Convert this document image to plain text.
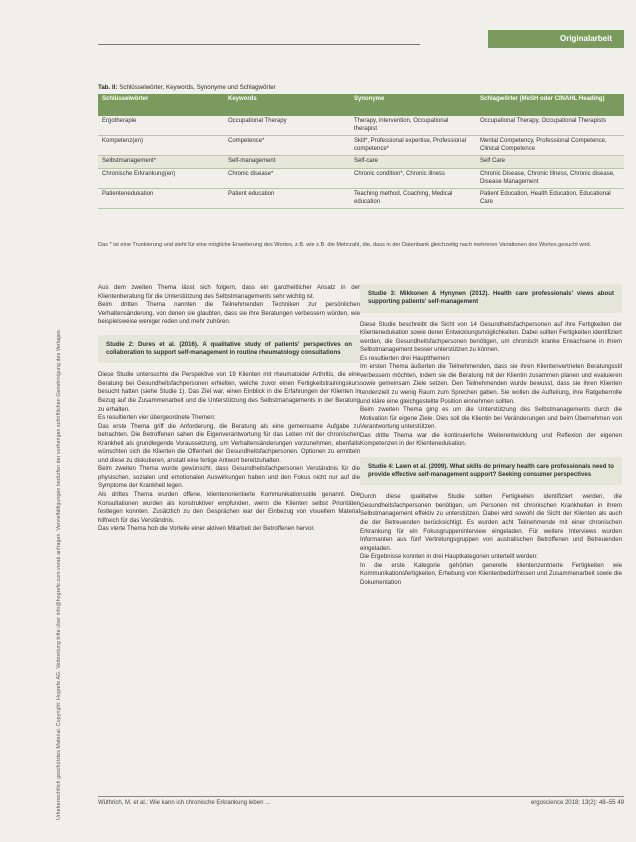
Urheberrechtlich geschütztes Material. Copyright: Hogrefe AG. Verbreitung bitte über info@hogrefe.com vorab anfragen. Vervielfältigungen bedürfen der vorherigen schriftlichen Genehmigung des Verlages.
Originalarbeit
Tab. II: Schlüsselwörter, Keywords, Synonyme und Schlagwörter
Schlüsselwörter	Keywords	Synonyme	Schlagwörter (MeSH oder CINAHL Heading)
Ergotherapie	Occupational Therapy	Therapy, intervention, Occupational therapist	Occupational Therapy, Occupational Therapists
Kompetenz(en)	Competence*	Skill*, Professional expertise, Professional competence*	Mental Competency, Professional Competence, Clinical Competence
Selbstmanagement*	Self-management	Self-care	Self Care
Chronische Erkrankung(en)	Chronic disease*	Chronic condition*, Chronic illness	Chronic Disease, Chronic Illness, Chronic disease, Disease Management
Patientenedukation	Patient education	Teaching method, Coaching, Medical education	Patient Education, Health Education, Educational Care
Das * ist eine Trunkierung und steht für eine mögliche Erweiterung des Wortes, z.B. wie z.B. die Mehrzahl, die, dass in der Datenbank gleichzeitig nach mehreren Variationen des Wortes gesucht wird.

Aus dem zweiten Thema lässt sich folgern, dass ein ganzheitlicher Ansatz in der Klientenberatung für die Unterstützung des Selbstmanagements sehr wichtig ist.

Beim dritten Thema nannten die Teilnehmenden Techniken zur persönlichen Verhaltensänderung, von denen sie glaubten, dass sie ihre Beratungen verbessern würden, wie beispielsweise weniger reden und mehr zuhören.

Studie 2: Dures et al. (2016). A qualitative study of patients' perspectives on collaboration to support self-management in routine rheumatology consultations

Diese Studie untersuchte die Perspektive von 19 Klienten mit rheumatoider Arthritis, die eine Beratung bei Gesundheitsfachpersonen erhielten, welche zuvor einen Fertigkeitstrainingskurs besucht hatten (siehe Studie 1). Das Ziel war, einen Einblick in die Erfahrungen der Klienten in Bezug auf die Zusammenarbeit und die Unterstützung des Selbstmanagements in der Beratung zu erhalten.

Es resultierten vier übergeordnete Themen:

Das erste Thema griff die Anforderung, die Beratung als eine gemeinsame Aufgabe zu betrachten. Die Betroffenen sahen die Eigenverantwortung für das Leben mit der chronischen Krankheit als grundlegende Voraussetzung, um Verhaltensänderungen vorzunehmen, ebenfalls wünschten sich die Klienten die Offenheit der Gesundheitsfachpersonen. Optionen zu ermitteln und diese zu diskutieren, anstatt eine fertige Antwort bereitzuhalten.

Beim zweiten Thema wurde gewünscht, dass Gesundheitsfachpersonen Verständnis für die physischen, sozialen und emotionalen Auswirkungen haben und den Fokus nicht nur auf die Symptome der Krankheit legen.

Als drittes Thema wurden offene, klientenorientierte Kommunikationsstile genannt. Die Konsultationen wurden als konstruktiver empfunden, wenn die Klienten selbst Prioritäten festlegen konnten. Zusätzlich zu den Gesprächen war der Einbezug von visuellem Material hilfreich für das Verständnis.

Das vierte Thema hob die Vorteile einer aktiven Mitarbeit der Betroffenen hervor.

Studie 3: Mikkonen & Hynynen (2012). Health care professionals' views about supporting patients' self-management

Diese Studie beschreibt die Sicht von 14 Gesundheitsfachpersonen auf ihre Fertigkeiten der Klientenedukation sowie deren Entwicklungsmöglichkeiten. Dabei sollten Fertigkeiten identifiziert werden, die Gesundheitsfachpersonen benötigen, um chronisch kranke Erwachsene in ihrem Selbstmanagement besser unterstützen zu können.

Es resultierten drei Hauptthemen:

Im ersten Thema äußerten die Teilnehmenden, dass sie ihren Klientenvertrieten Beratungsstil verbessern möchten, indem sie die Beratung mit der Klientin zusammen planen und evaluieren sowie gemeinsam Ziele setzen. Den Teilnehmenden wurde bewusst, dass sie ihren Klienten tendenziell zu wenig Raum zum Sprechen gaben. Sie wollen die Aufteilung, ihre Ratgeberrolle und kläre eine gleichgestellte Position einnehmen sollten.

Beim zweiten Thema ging es um die Unterstützung des Selbstmanagements durch die Motivation für eigene Ziele. Dies soll die Klientin bei Veränderungen und beim Übernehmen von Verantwortung unterstützen.

Das dritte Thema war die kontinuierliche Weiterentwicklung und Reflexion der eigenen Kompetenzen in der Klientenedukation.

Studie 4: Lawn et al. (2009). What skills do primary health care professionals need to provide effective self-management support? Seeking consumer perspectives

Durch diese qualitative Studie sollten Fertigkeiten identifiziert werden, die Gesundheitsfachpersonen benötigen, um Personen mit chronischen Krankheiten in ihrem Selbstmanagement effektiv zu unterstützen. Dabei wird sowohl die Sicht der Klienten als auch die der Betreuenden berücksichtigt. Es wurden acht Teilnehmende mit einer chronischen Erkrankung für ein Fokusgruppeninterview eingeladen. Für weitere Interviews wurden Informanten aus fünf Vertretungsgruppen von australischen Betroffenen und Betreuenden eingeladen.

Die Ergebnisse konnten in drei Hauptkategorien unterteilt werden:

In die erste Kategorie gehörten generelle klientenzentrierte Fertigkeiten wie Kommunikationsfertigkeiten, Erhebung von Klientenbedürfnissen und Zusammenarbeit sowie die Dokumentation

Wüthrich, M. et al.: Wie kann ich chronische Erkrankung leben ...	ergoscience 2018; 13(2): 48–55 49
